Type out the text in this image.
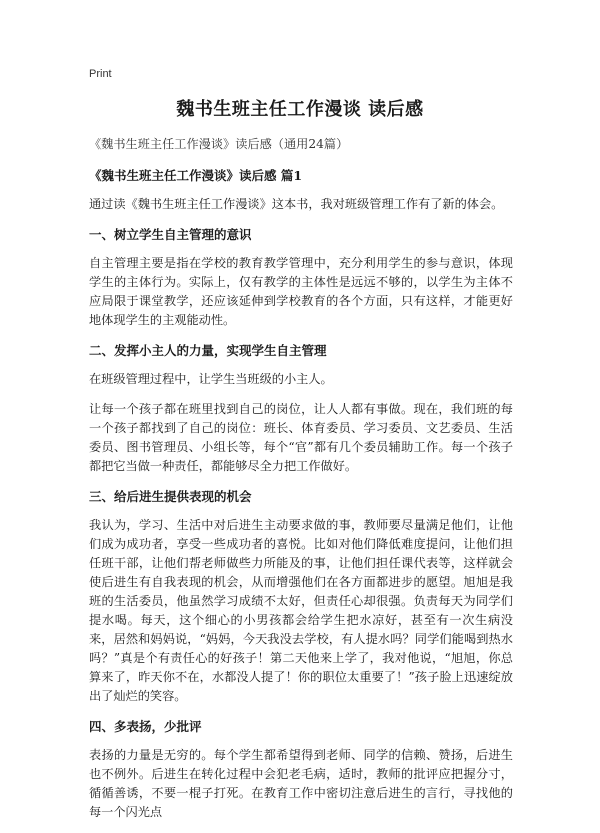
Print
魏书生班主任工作漫谈 读后感

《魏书生班主任工作漫谈》读后感（通用24篇）

《魏书生班主任工作漫谈》读后感 篇1

通过读《魏书生班主任工作漫谈》这本书，我对班级管理工作有了新的体会。

一、树立学生自主管理的意识

自主管理主要是指在学校的教育教学管理中，充分利用学生的参与意识，体现学生的主体行为。实际上，仅有教学的主体性是远远不够的，以学生为主体不应局限于课堂教学，还应该延伸到学校教育的各个方面，只有这样，才能更好地体现学生的主观能动性。

二、发挥小主人的力量，实现学生自主管理

在班级管理过程中，让学生当班级的小主人。

让每一个孩子都在班里找到自己的岗位，让人人都有事做。现在，我们班的每一个孩子都找到了自己的岗位：班长、体育委员、学习委员、文艺委员、生活委员、图书管理员、小组长等，每个“官”都有几个委员辅助工作。每一个孩子都把它当做一种责任，都能够尽全力把工作做好。

三、给后进生提供表现的机会

我认为，学习、生活中对后进生主动要求做的事，教师要尽量满足他们，让他们成为成功者，享受一些成功者的喜悦。比如对他们降低难度提问，让他们担任班干部，让他们帮老师做些力所能及的事，让他们担任课代表等，这样就会使后进生有自我表现的机会，从而增强他们在各方面都进步的愿望。旭旭是我班的生活委员，他虽然学习成绩不太好，但责任心却很强。负责每天为同学们提水喝。每天，这个细心的小男孩都会给学生把水凉好，甚至有一次生病没来，居然和妈妈说，“妈妈，今天我没去学校，有人提水吗？同学们能喝到热水吗？”真是个有责任心的好孩子！第二天他来上学了，我对他说，“旭旭，你总算来了，昨天你不在，水都没人提了！你的职位太重要了！”孩子脸上迅速绽放出了灿烂的笑容。

四、多表扬，少批评

表扬的力量是无穷的。每个学生都希望得到老师、同学的信赖、赞扬，后进生也不例外。后进生在转化过程中会犯老毛病，适时，教师的批评应把握分寸，循循善诱，不要一棍子打死。在教育工作中密切注意后进生的言行，寻找他的每一个闪光点
